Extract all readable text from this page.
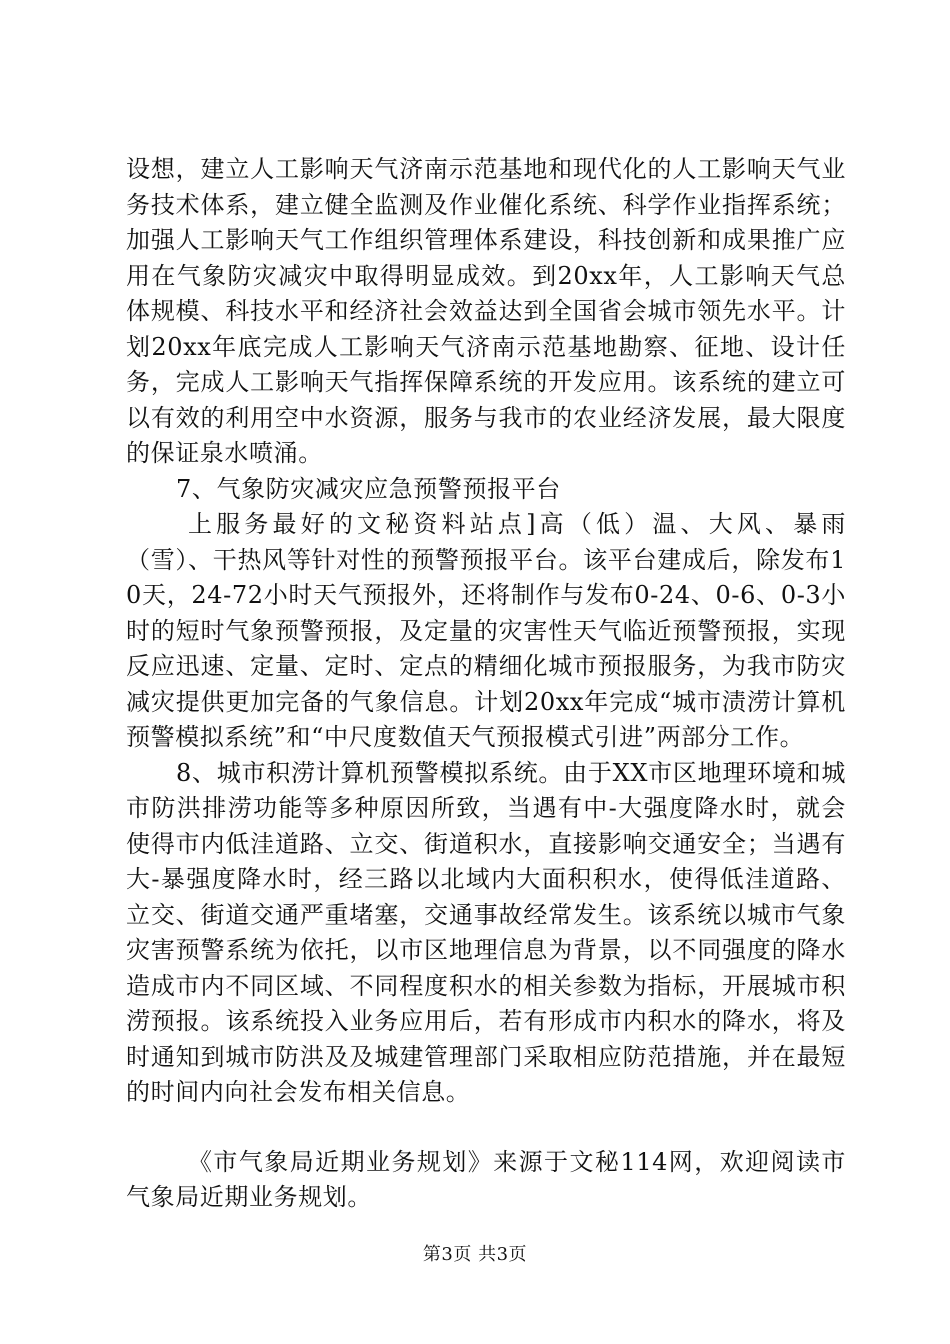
设想，建立人工影响天气济南示范基地和现代化的人工影响天气业务技术体系，建立健全监测及作业催化系统、科学作业指挥系统；加强人工影响天气工作组织管理体系建设，科技创新和成果推广应用在气象防灾减灾中取得明显成效。到20xx年，人工影响天气总体规模、科技水平和经济社会效益达到全国省会城市领先水平。计划20xx年底完成人工影响天气济南示范基地勘察、征地、设计任务，完成人工影响天气指挥保障系统的开发应用。该系统的建立可以有效的利用空中水资源，服务与我市的农业经济发展，最大限度的保证泉水喷涌。

7、气象防灾减灾应急预警预报平台

上服务最好的文秘资料站点]高（低）温、大风、暴雨（雪）、干热风等针对性的预警预报平台。该平台建成后，除发布10天，24-72小时天气预报外，还将制作与发布0-24、0-6、0-3小时的短时气象预警预报，及定量的灾害性天气临近预警预报，实现反应迅速、定量、定时、定点的精细化城市预报服务，为我市防灾减灾提供更加完备的气象信息。计划20xx年完成“城市渍涝计算机预警模拟系统”和“中尺度数值天气预报模式引进”两部分工作。

8、城市积涝计算机预警模拟系统。由于XX市区地理环境和城市防洪排涝功能等多种原因所致，当遇有中-大强度降水时，就会使得市内低洼道路、立交、街道积水，直接影响交通安全；当遇有大-暴强度降水时，经三路以北域内大面积积水，使得低洼道路、立交、街道交通严重堵塞，交通事故经常发生。该系统以城市气象灾害预警系统为依托，以市区地理信息为背景，以不同强度的降水造成市内不同区域、不同程度积水的相关参数为指标，开展城市积涝预报。该系统投入业务应用后，若有形成市内积水的降水，将及时通知到城市防洪及及城建管理部门采取相应防范措施，并在最短的时间内向社会发布相关信息。

《市气象局近期业务规划》来源于文秘114网，欢迎阅读市气象局近期业务规划。

第3页 共3页
